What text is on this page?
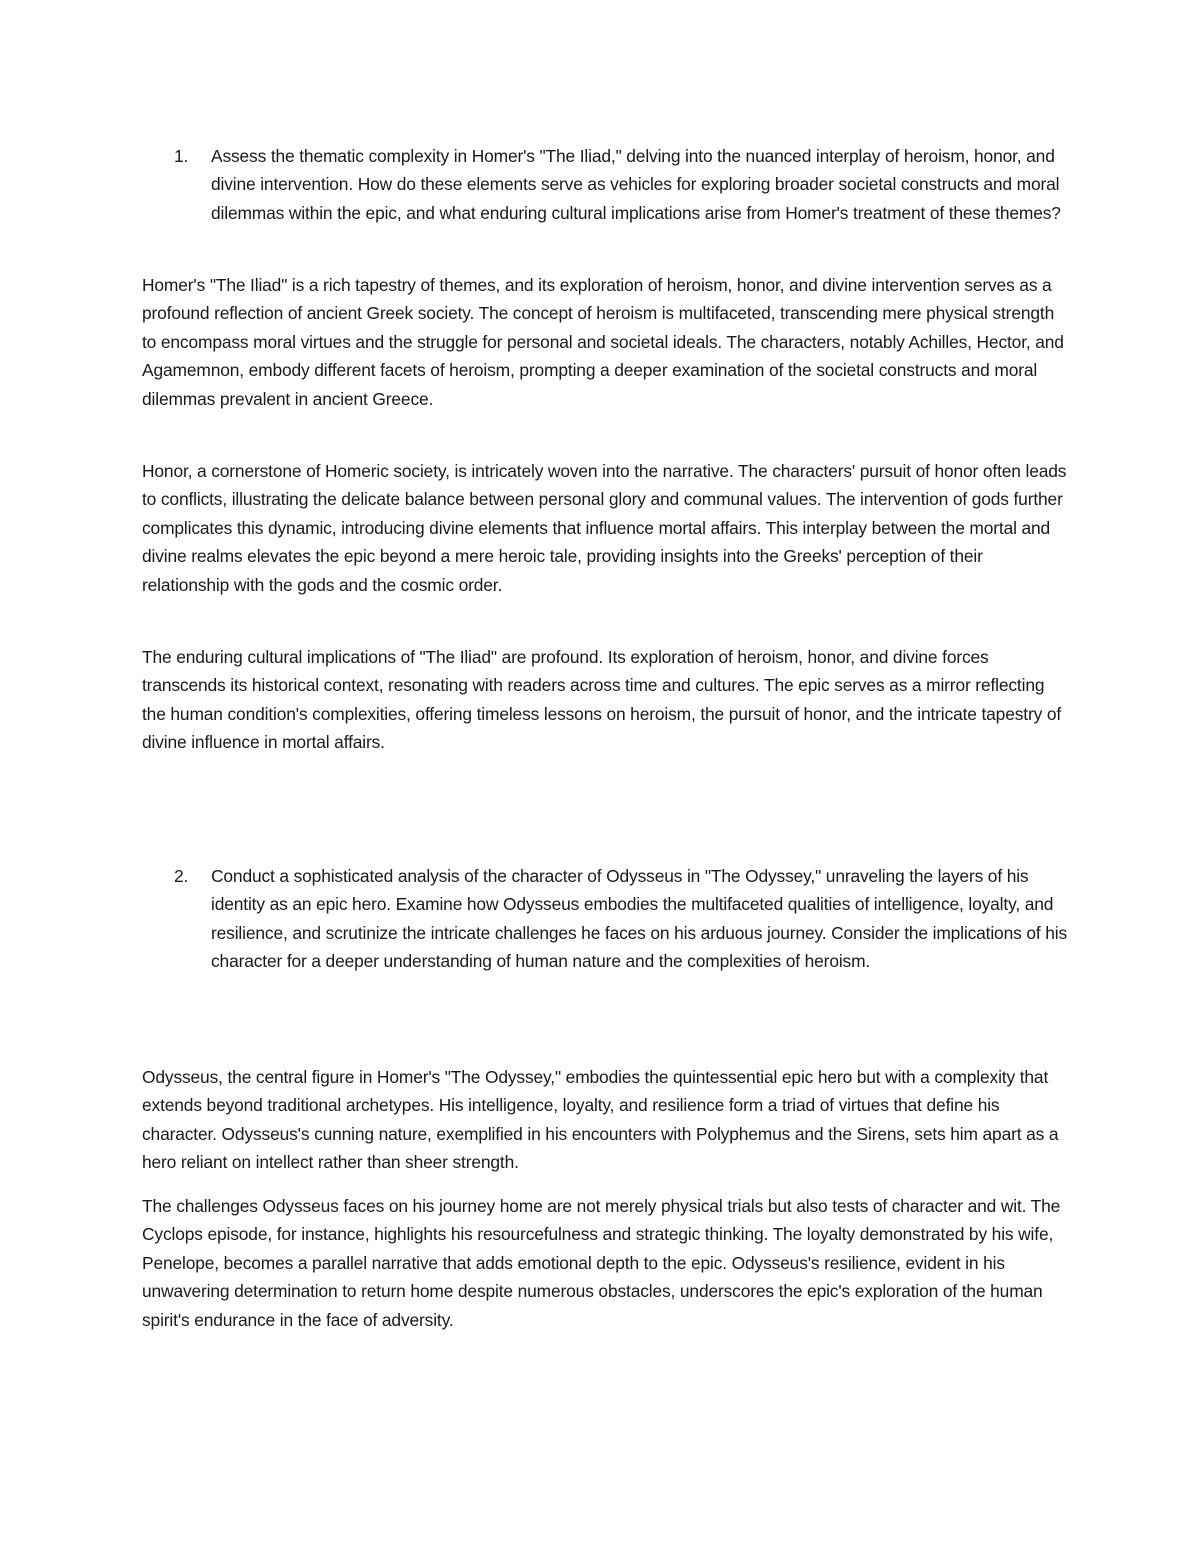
1.	Assess the thematic complexity in Homer's "The Iliad," delving into the nuanced interplay of heroism, honor, and divine intervention. How do these elements serve as vehicles for exploring broader societal constructs and moral dilemmas within the epic, and what enduring cultural implications arise from Homer's treatment of these themes?

Homer's "The Iliad" is a rich tapestry of themes, and its exploration of heroism, honor, and divine intervention serves as a profound reflection of ancient Greek society. The concept of heroism is multifaceted, transcending mere physical strength to encompass moral virtues and the struggle for personal and societal ideals. The characters, notably Achilles, Hector, and Agamemnon, embody different facets of heroism, prompting a deeper examination of the societal constructs and moral dilemmas prevalent in ancient Greece.

Honor, a cornerstone of Homeric society, is intricately woven into the narrative. The characters' pursuit of honor often leads to conflicts, illustrating the delicate balance between personal glory and communal values. The intervention of gods further complicates this dynamic, introducing divine elements that influence mortal affairs. This interplay between the mortal and divine realms elevates the epic beyond a mere heroic tale, providing insights into the Greeks' perception of their relationship with the gods and the cosmic order.

The enduring cultural implications of "The Iliad" are profound. Its exploration of heroism, honor, and divine forces transcends its historical context, resonating with readers across time and cultures. The epic serves as a mirror reflecting the human condition's complexities, offering timeless lessons on heroism, the pursuit of honor, and the intricate tapestry of divine influence in mortal affairs.

2.	Conduct a sophisticated analysis of the character of Odysseus in "The Odyssey," unraveling the layers of his identity as an epic hero. Examine how Odysseus embodies the multifaceted qualities of intelligence, loyalty, and resilience, and scrutinize the intricate challenges he faces on his arduous journey. Consider the implications of his character for a deeper understanding of human nature and the complexities of heroism.

Odysseus, the central figure in Homer's "The Odyssey," embodies the quintessential epic hero but with a complexity that extends beyond traditional archetypes. His intelligence, loyalty, and resilience form a triad of virtues that define his character. Odysseus's cunning nature, exemplified in his encounters with Polyphemus and the Sirens, sets him apart as a hero reliant on intellect rather than sheer strength.

The challenges Odysseus faces on his journey home are not merely physical trials but also tests of character and wit. The Cyclops episode, for instance, highlights his resourcefulness and strategic thinking. The loyalty demonstrated by his wife, Penelope, becomes a parallel narrative that adds emotional depth to the epic. Odysseus's resilience, evident in his unwavering determination to return home despite numerous obstacles, underscores the epic's exploration of the human spirit's endurance in the face of adversity.
